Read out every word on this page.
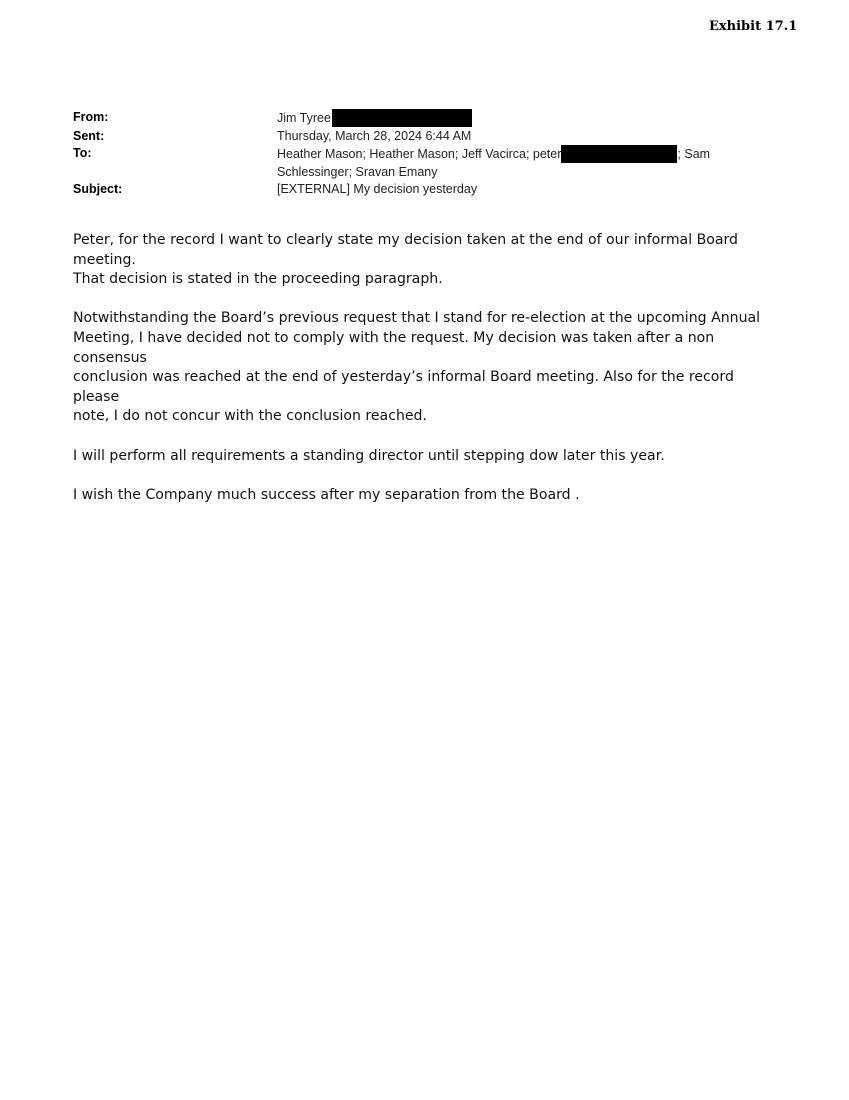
Exhibit 17.1
From:	Jim Tyree
Sent:	Thursday, March 28, 2024 6:44 AM
To:	Heather Mason; Heather Mason; Jeff Vacirca; peter	; Sam
Schlessinger; Sravan Emany
Subject:	[EXTERNAL] My decision yesterday

Peter, for the record I want to clearly state my decision taken at the end of our informal Board meeting.
That decision is stated in the proceeding paragraph.

Notwithstanding the Board’s previous request that I stand for re-election at the upcoming Annual
Meeting, I have decided not to comply with the request. My decision was taken after a non consensus
conclusion was reached at the end of yesterday’s informal Board meeting. Also for the record please
note, I do not concur with the conclusion reached.

I will perform all requirements a standing director until stepping dow later this year.

I wish the Company much success after my separation from the Board .
